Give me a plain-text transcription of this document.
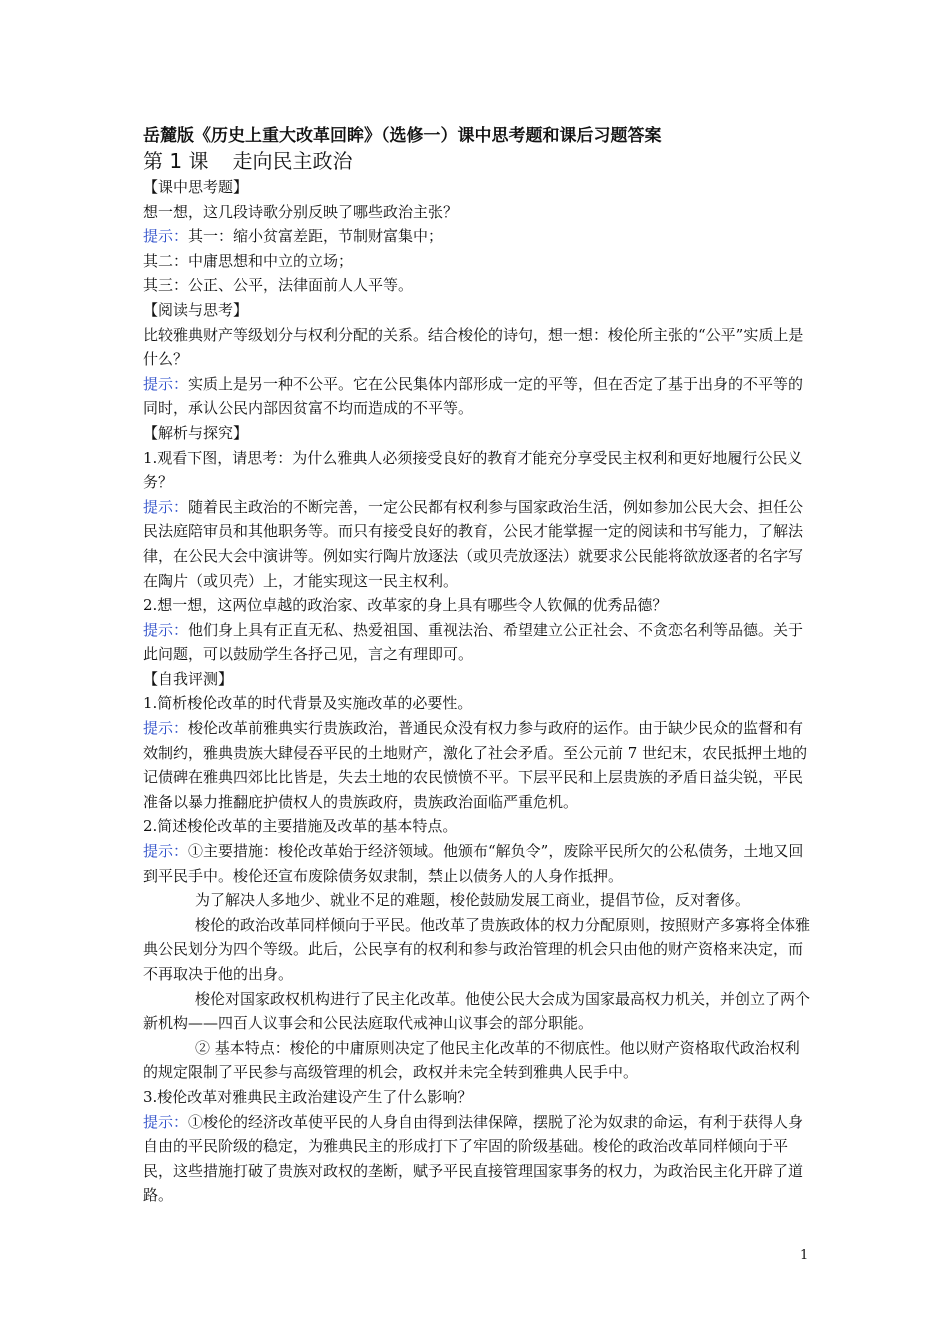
岳麓版《历史上重大改革回眸》（选修一）课中思考题和课后习题答案
第 1 课 走向民主政治

【课中思考题】

想一想，这几段诗歌分别反映了哪些政治主张？

提示：其一：缩小贫富差距，节制财富集中；

其二：中庸思想和中立的立场；

其三：公正、公平，法律面前人人平等。

【阅读与思考】

比较雅典财产等级划分与权利分配的关系。结合梭伦的诗句，想一想：梭伦所主张的“公平”实质上是什么？

提示：实质上是另一种不公平。它在公民集体内部形成一定的平等，但在否定了基于出身的不平等的同时，承认公民内部因贫富不均而造成的不平等。

【解析与探究】

1.观看下图，请思考：为什么雅典人必须接受良好的教育才能充分享受民主权利和更好地履行公民义务？

提示：随着民主政治的不断完善，一定公民都有权利参与国家政治生活，例如参加公民大会、担任公民法庭陪审员和其他职务等。而只有接受良好的教育，公民才能掌握一定的阅读和书写能力，了解法律，在公民大会中演讲等。例如实行陶片放逐法（或贝壳放逐法）就要求公民能将欲放逐者的名字写在陶片（或贝壳）上，才能实现这一民主权利。

2.想一想，这两位卓越的政治家、改革家的身上具有哪些令人钦佩的优秀品德？

提示：他们身上具有正直无私、热爱祖国、重视法治、希望建立公正社会、不贪恋名利等品德。关于此问题，可以鼓励学生各抒己见，言之有理即可。

【自我评测】

1.简析梭伦改革的时代背景及实施改革的必要性。

提示：梭伦改革前雅典实行贵族政治，普通民众没有权力参与政府的运作。由于缺少民众的监督和有效制约，雅典贵族大肆侵吞平民的土地财产，激化了社会矛盾。至公元前 7 世纪末，农民抵押土地的记债碑在雅典四郊比比皆是，失去土地的农民愤愤不平。下层平民和上层贵族的矛盾日益尖锐，平民准备以暴力推翻庇护债权人的贵族政府，贵族政治面临严重危机。

2.简述梭伦改革的主要措施及改革的基本特点。

提示：①主要措施：梭伦改革始于经济领域。他颁布“解负令”，废除平民所欠的公私债务，土地又回到平民手中。梭伦还宣布废除债务奴隶制，禁止以债务人的人身作抵押。

为了解决人多地少、就业不足的难题，梭伦鼓励发展工商业，提倡节俭，反对奢侈。

梭伦的政治改革同样倾向于平民。他改革了贵族政体的权力分配原则，按照财产多寡将全体雅典公民划分为四个等级。此后，公民享有的权利和参与政治管理的机会只由他的财产资格来决定，而不再取决于他的出身。

梭伦对国家政权机构进行了民主化改革。他使公民大会成为国家最高权力机关，并创立了两个新机构——四百人议事会和公民法庭取代戒神山议事会的部分职能。

② 基本特点：梭伦的中庸原则决定了他民主化改革的不彻底性。他以财产资格取代政治权利的规定限制了平民参与高级管理的机会，政权并未完全转到雅典人民手中。

3.梭伦改革对雅典民主政治建设产生了什么影响？

提示：①梭伦的经济改革使平民的人身自由得到法律保障，摆脱了沦为奴隶的命运，有利于获得人身自由的平民阶级的稳定，为雅典民主的形成打下了牢固的阶级基础。梭伦的政治改革同样倾向于平民，这些措施打破了贵族对政权的垄断，赋予平民直接管理国家事务的权力，为政治民主化开辟了道路。

1
